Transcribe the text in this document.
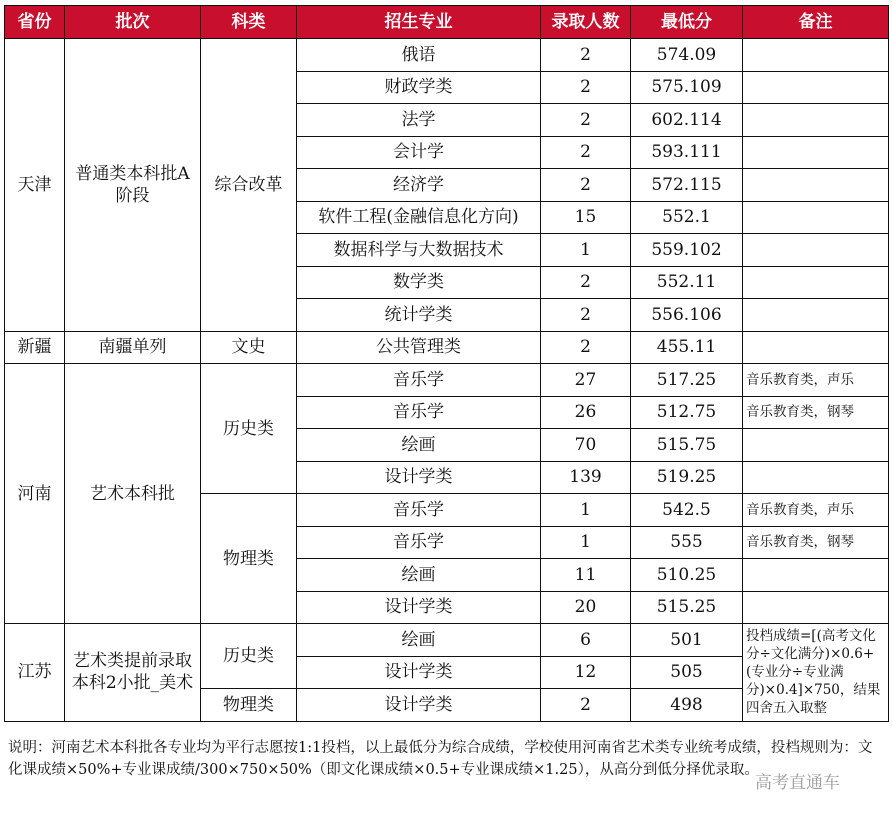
省份	批次	科类	招生专业	录取人数	最低分	备注
天津	普通类本科批A阶段	综合改革	俄语	2	574.09	
			财政学类	2	575.109	
			法学	2	602.114	
			会计学	2	593.111	
			经济学	2	572.115	
			软件工程(金融信息化方向)	15	552.1	
			数据科学与大数据技术	1	559.102	
			数学类	2	552.11	
			统计学类	2	556.106	
新疆	南疆单列	文史	公共管理类	2	455.11	
河南	艺术本科批	历史类	音乐学	27	517.25	音乐教育类，声乐
			音乐学	26	512.75	音乐教育类，钢琴
			绘画	70	515.75	
			设计学类	139	519.25	
		物理类	音乐学	1	542.5	音乐教育类，声乐
			音乐学	1	555	音乐教育类，钢琴
			绘画	11	510.25	
			设计学类	20	515.25	
江苏	艺术类提前录取本科2小批_美术	历史类	绘画	6	501	投档成绩=[(高考文化分÷文化满分)×0.6+(专业分÷专业满分)×0.4]×750，结果四舍五入取整
			设计学类	12	505	
		物理类	设计学类	2	498	
说明：河南艺术本科批各专业均为平行志愿按1:1投档，以上最低分为综合成绩，学校使用河南省艺术类专业统考成绩，投档规则为：文化课成绩×50%+专业课成绩/300×750×50%（即文化课成绩×0.5+专业课成绩×1.25），从高分到低分择优录取。
高考直通车
